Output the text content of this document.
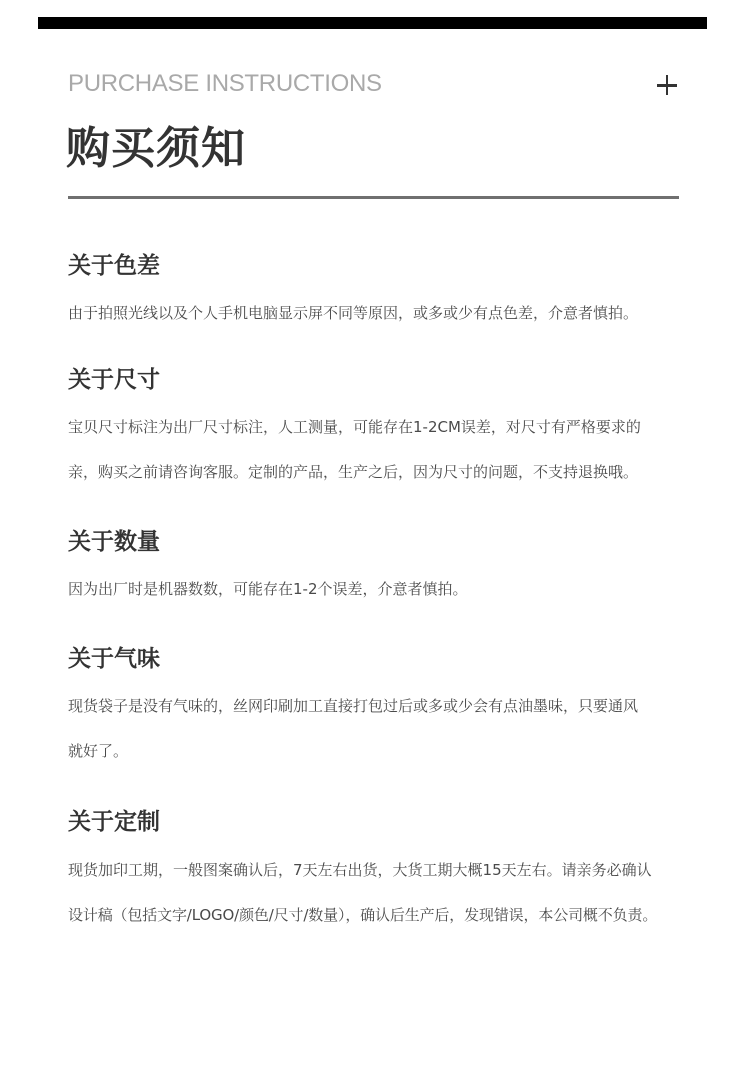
PURCHASE INSTRUCTIONS
购买须知
关于色差
由于拍照光线以及个人手机电脑显示屏不同等原因，或多或少有点色差，介意者慎拍。
关于尺寸
宝贝尺寸标注为出厂尺寸标注，人工测量，可能存在1-2CM误差，对尺寸有严格要求的
亲，购买之前请咨询客服。定制的产品，生产之后，因为尺寸的问题，不支持退换哦。
关于数量
因为出厂时是机器数数，可能存在1-2个误差，介意者慎拍。
关于气味
现货袋子是没有气味的，丝网印刷加工直接打包过后或多或少会有点油墨味，只要通风
就好了。
关于定制
现货加印工期，一般图案确认后，7天左右出货，大货工期大概15天左右。请亲务必确认
设计稿（包括文字/LOGO/颜色/尺寸/数量），确认后生产后，发现错误，本公司概不负责。
